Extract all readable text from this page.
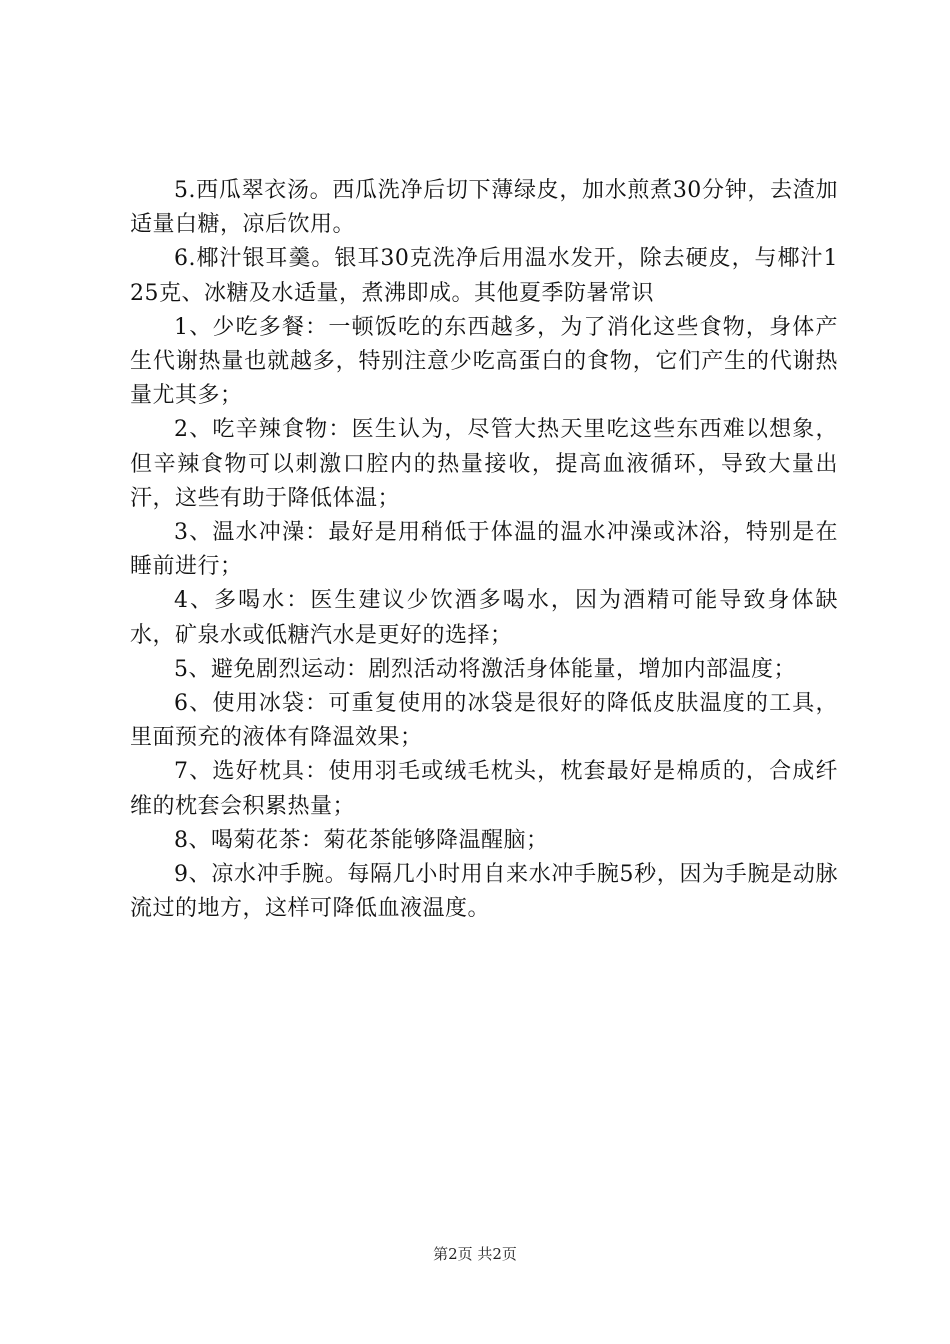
5.西瓜翠衣汤。西瓜洗净后切下薄绿皮，加水煎煮30分钟，去渣加适量白糖，凉后饮用。

6.椰汁银耳羹。银耳30克洗净后用温水发开，除去硬皮，与椰汁125克、冰糖及水适量，煮沸即成。其他夏季防暑常识

1、少吃多餐：一顿饭吃的东西越多，为了消化这些食物，身体产生代谢热量也就越多，特别注意少吃高蛋白的食物，它们产生的代谢热量尤其多；

2、吃辛辣食物：医生认为，尽管大热天里吃这些东西难以想象，但辛辣食物可以刺激口腔内的热量接收，提高血液循环，导致大量出汗，这些有助于降低体温；

3、温水冲澡：最好是用稍低于体温的温水冲澡或沐浴，特别是在睡前进行；

4、多喝水：医生建议少饮酒多喝水，因为酒精可能导致身体缺水，矿泉水或低糖汽水是更好的选择；

5、避免剧烈运动：剧烈活动将激活身体能量，增加内部温度；

6、使用冰袋：可重复使用的冰袋是很好的降低皮肤温度的工具，里面预充的液体有降温效果；

7、选好枕具：使用羽毛或绒毛枕头，枕套最好是棉质的，合成纤维的枕套会积累热量；

8、喝菊花茶：菊花茶能够降温醒脑；

9、凉水冲手腕。每隔几小时用自来水冲手腕5秒，因为手腕是动脉流过的地方，这样可降低血液温度。

第2页 共2页
